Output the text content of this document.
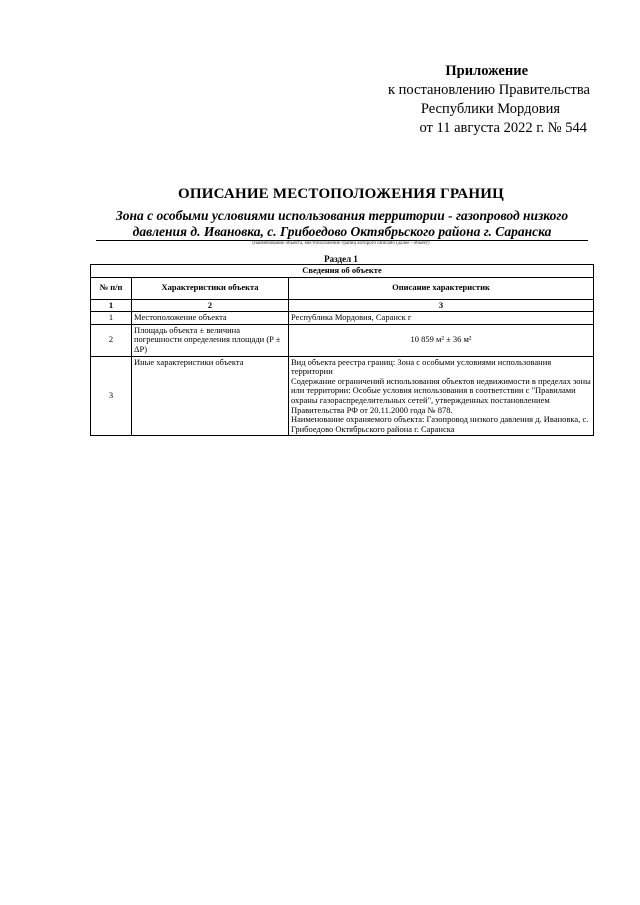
Приложение
к постановлению Правительства
Республики Мордовия
от 11 августа 2022 г. № 544
ОПИСАНИЕ МЕСТОПОЛОЖЕНИЯ ГРАНИЦ
Зона с особыми условиями использования территории - газопровод низкого
давления д. Ивановка, с. Грибоедово Октябрьского района г. Саранска
(наименование объекта, местоположение границ которого описано (далее - объект)
Раздел 1
Сведения об объекте		
№ п/п	Характеристики объекта	Описание характеристик
1	2	3
1	Местоположение объекта	Республика Мордовия, Саранск г
2	Площадь объекта ± величина погрешности определения площади (P ± ΔP)	10 859 м² ± 36 м²
3	Иные характеристики объекта	Вид объекта реестра границ: Зона с особыми условиями использования территории
Содержание ограничений использования объектов недвижимости в пределах зоны или территории: Особые условия использования в соответствии с "Правилами охраны газораспределительных сетей", утвержденных постановлением Правительства РФ от 20.11.2000 года № 878.
Наименование охраняемого объекта: Газопровод низкого давления д. Ивановка, с. Грибоедово Октябрьского района г. Саранска
